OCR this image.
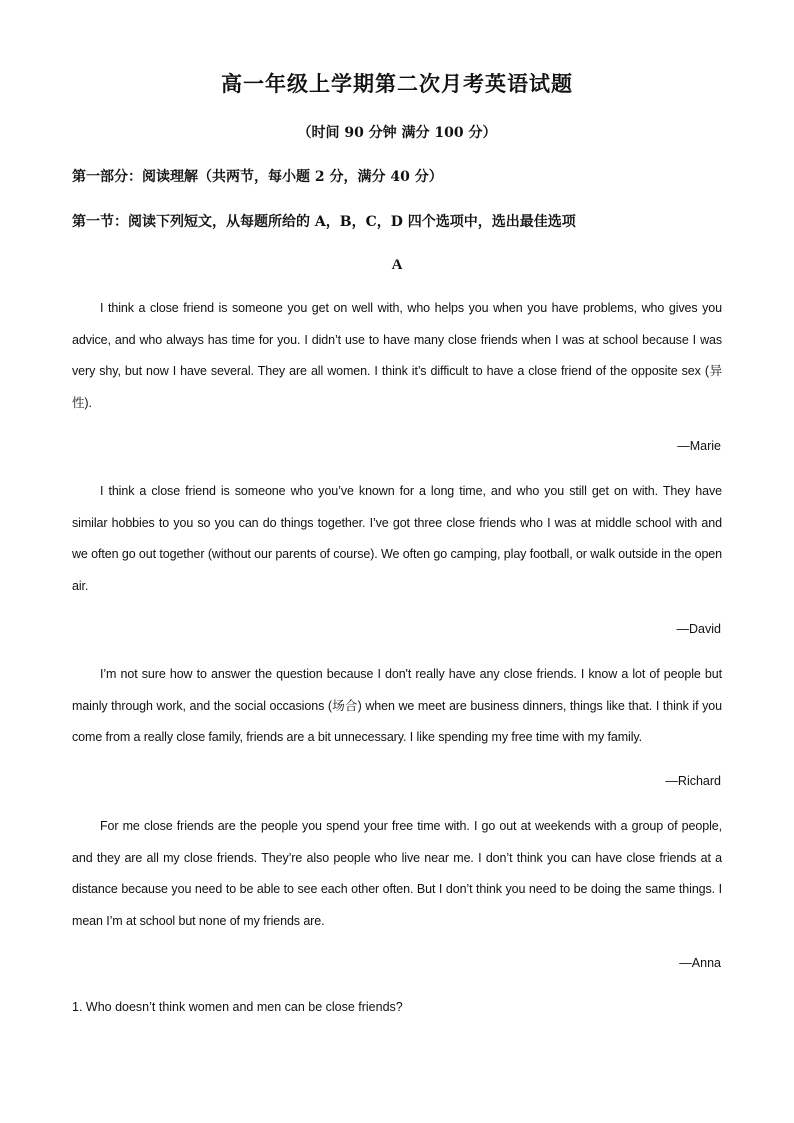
高一年级上学期第二次月考英语试题
（时间 90 分钟 满分 100 分）
第一部分：阅读理解（共两节，每小题 2 分，满分 40 分）
第一节：阅读下列短文，从每题所给的 A，B，C，D 四个选项中，选出最佳选项
A

I think a close friend is someone you get on well with, who helps you when you have problems, who gives you advice, and who always has time for you. I didn’t use to have many close friends when I was at school because I was very shy, but now I have several. They are all women. I think it’s difficult to have a close friend of the opposite sex (异性).

—Marie

I think a close friend is someone who you’ve known for a long time, and who you still get on with. They have similar hobbies to you so you can do things together. I’ve got three close friends who I was at middle school with and we often go out together (without our parents of course). We often go camping, play football, or walk outside in the open air.

—David

I’m not sure how to answer the question because I don't really have any close friends. I know a lot of people but mainly through work, and the social occasions (场合) when we meet are business dinners, things like that. I think if you come from a really close family, friends are a bit unnecessary. I like spending my free time with my family.

—Richard

For me close friends are the people you spend your free time with. I go out at weekends with a group of people, and they are all my close friends. They’re also people who live near me. I don’t think you can have close friends at a distance because you need to be able to see each other often. But I don’t think you need to be doing the same things. I mean I’m at school but none of my friends are.

—Anna
1. Who doesn’t think women and men can be close friends?
